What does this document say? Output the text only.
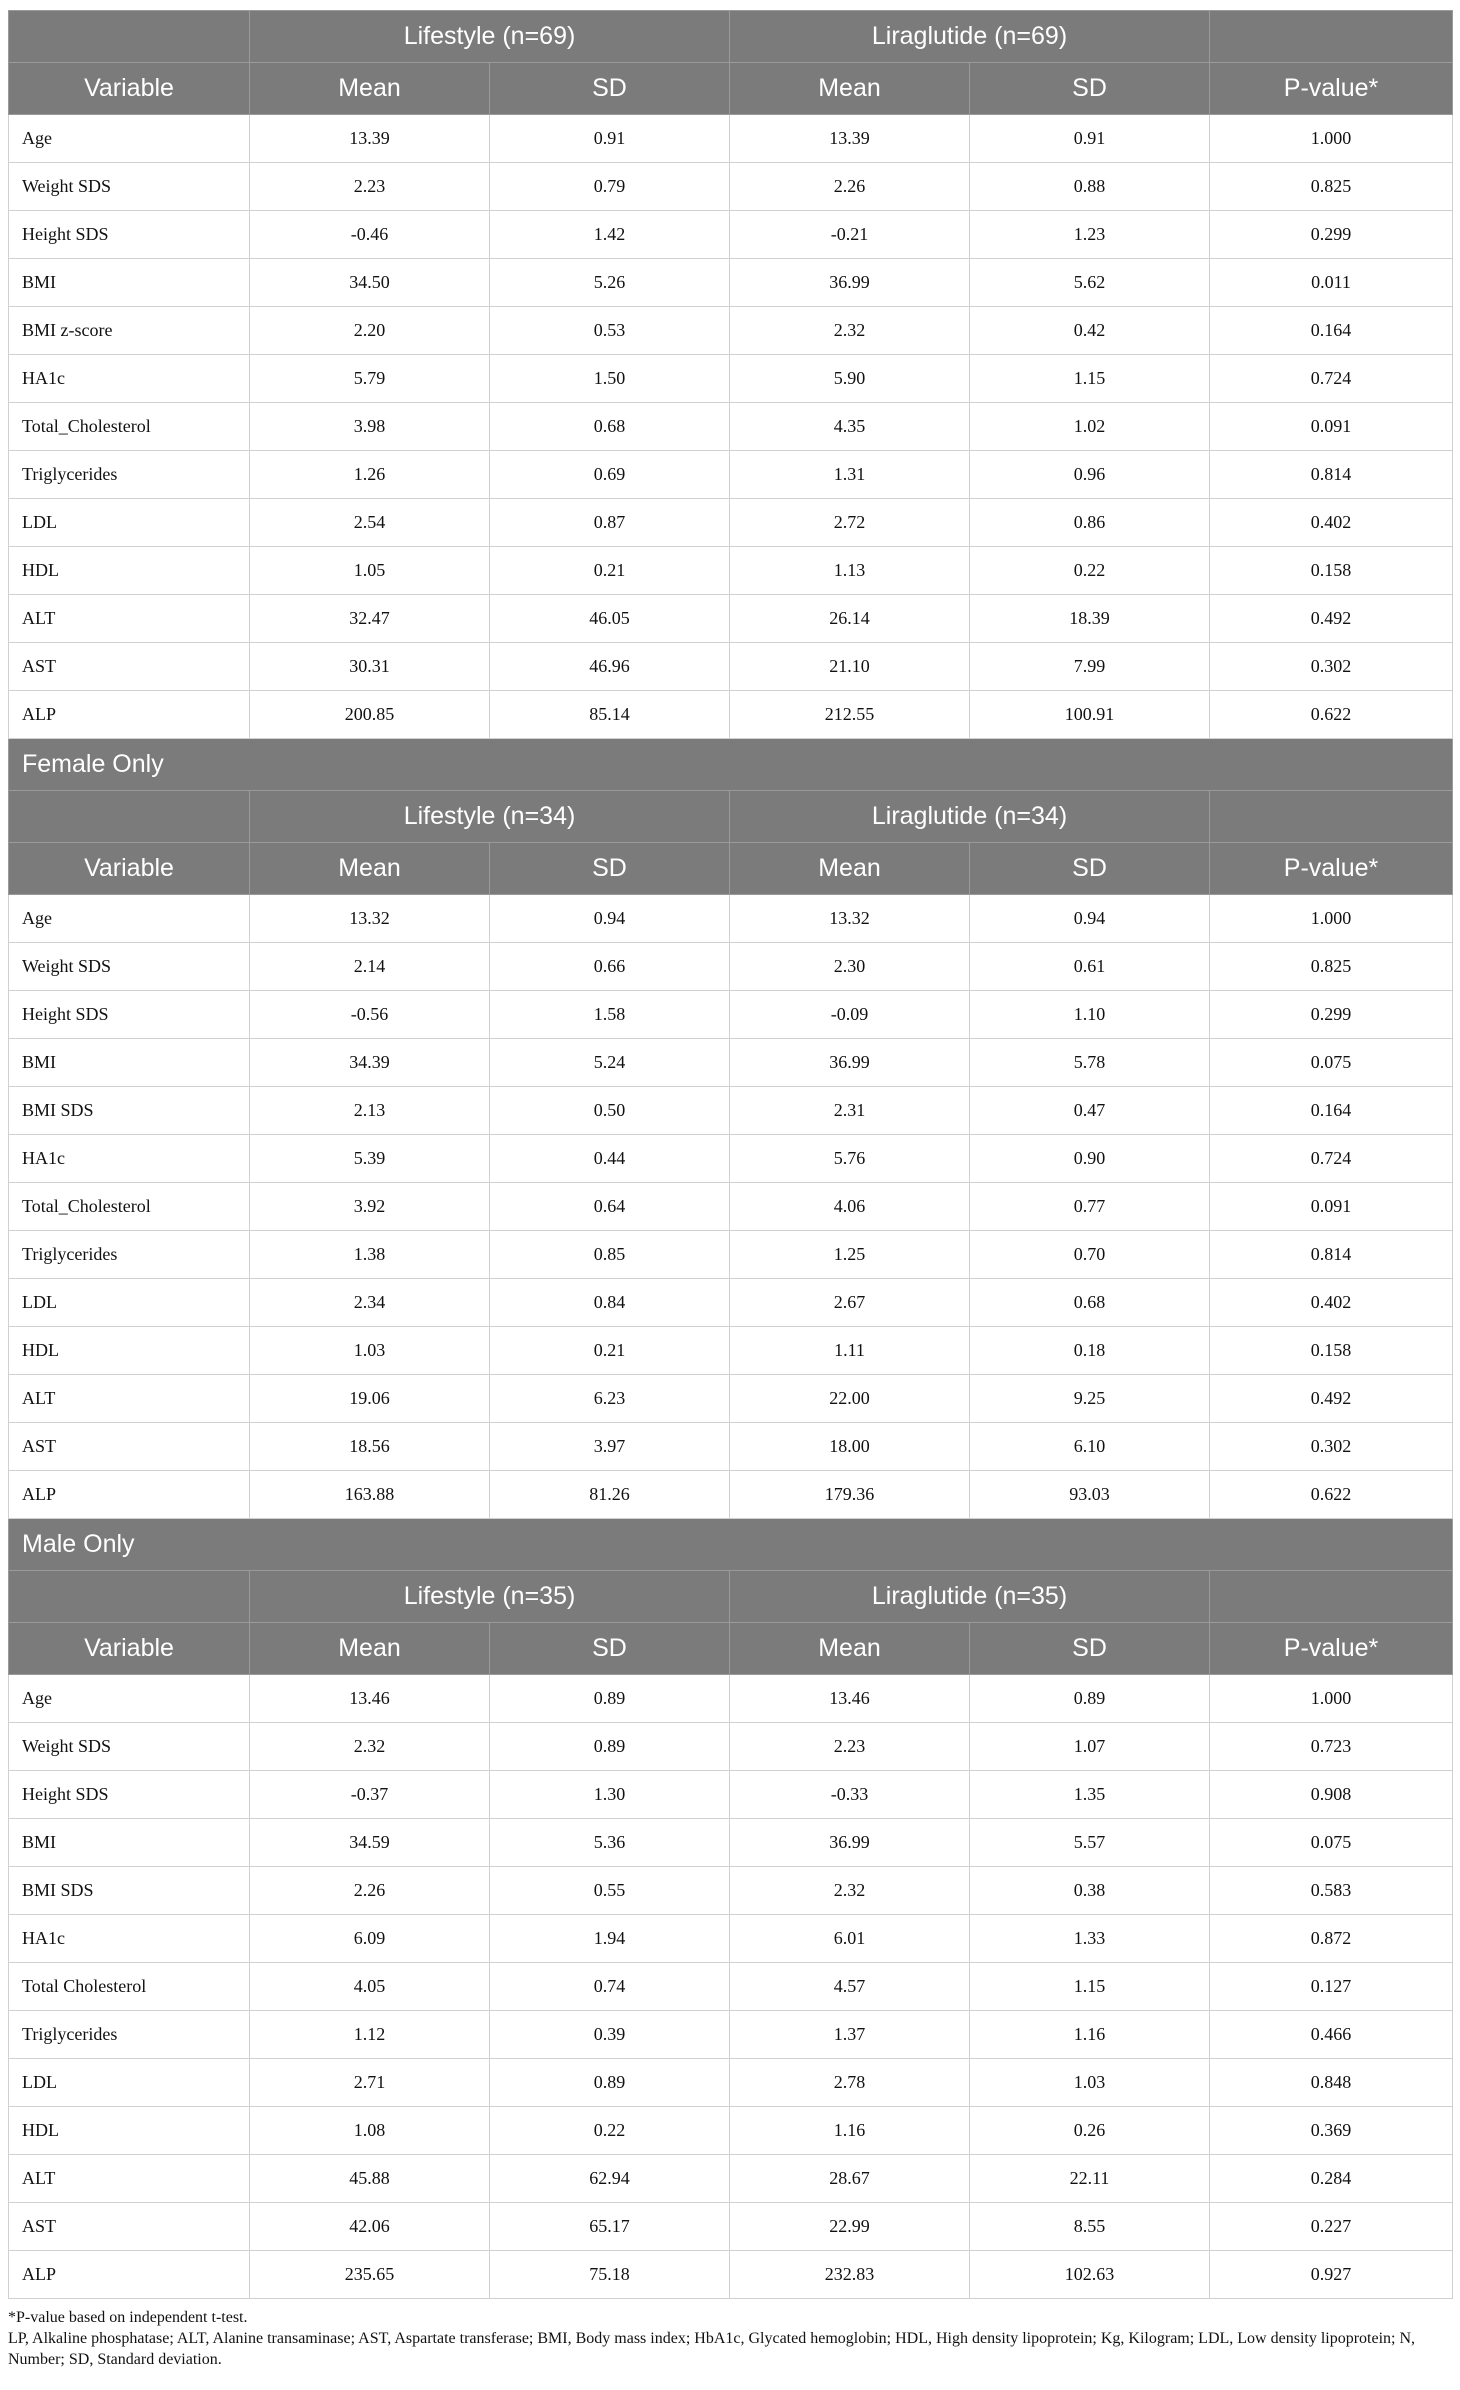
	Lifestyle (n=69)		Liraglutide (n=69)		
Variable	Mean	SD	Mean	SD	P-value*
Age	13.39	0.91	13.39	0.91	1.000
Weight SDS	2.23	0.79	2.26	0.88	0.825
Height SDS	-0.46	1.42	-0.21	1.23	0.299
BMI	34.50	5.26	36.99	5.62	0.011
BMI z-score	2.20	0.53	2.32	0.42	0.164
HA1c	5.79	1.50	5.90	1.15	0.724
Total_Cholesterol	3.98	0.68	4.35	1.02	0.091
Triglycerides	1.26	0.69	1.31	0.96	0.814
LDL	2.54	0.87	2.72	0.86	0.402
HDL	1.05	0.21	1.13	0.22	0.158
ALT	32.47	46.05	26.14	18.39	0.492
AST	30.31	46.96	21.10	7.99	0.302
ALP	200.85	85.14	212.55	100.91	0.622
Female Only					
	Lifestyle (n=34)		Liraglutide (n=34)		
Variable	Mean	SD	Mean	SD	P-value*
Age	13.32	0.94	13.32	0.94	1.000
Weight SDS	2.14	0.66	2.30	0.61	0.825
Height SDS	-0.56	1.58	-0.09	1.10	0.299
BMI	34.39	5.24	36.99	5.78	0.075
BMI SDS	2.13	0.50	2.31	0.47	0.164
HA1c	5.39	0.44	5.76	0.90	0.724
Total_Cholesterol	3.92	0.64	4.06	0.77	0.091
Triglycerides	1.38	0.85	1.25	0.70	0.814
LDL	2.34	0.84	2.67	0.68	0.402
HDL	1.03	0.21	1.11	0.18	0.158
ALT	19.06	6.23	22.00	9.25	0.492
AST	18.56	3.97	18.00	6.10	0.302
ALP	163.88	81.26	179.36	93.03	0.622
Male Only					
	Lifestyle (n=35)		Liraglutide (n=35)		
Variable	Mean	SD	Mean	SD	P-value*
Age	13.46	0.89	13.46	0.89	1.000
Weight SDS	2.32	0.89	2.23	1.07	0.723
Height SDS	-0.37	1.30	-0.33	1.35	0.908
BMI	34.59	5.36	36.99	5.57	0.075
BMI SDS	2.26	0.55	2.32	0.38	0.583
HA1c	6.09	1.94	6.01	1.33	0.872
Total Cholesterol	4.05	0.74	4.57	1.15	0.127
Triglycerides	1.12	0.39	1.37	1.16	0.466
LDL	2.71	0.89	2.78	1.03	0.848
HDL	1.08	0.22	1.16	0.26	0.369
ALT	45.88	62.94	28.67	22.11	0.284
AST	42.06	65.17	22.99	8.55	0.227
ALP	235.65	75.18	232.83	102.63	0.927

*P-value based on independent t-test.

LP, Alkaline phosphatase; ALT, Alanine transaminase; AST, Aspartate transferase; BMI, Body mass index; HbA1c, Glycated hemoglobin; HDL, High density lipoprotein; Kg, Kilogram; LDL, Low density lipoprotein; N, Number; SD, Standard deviation.
